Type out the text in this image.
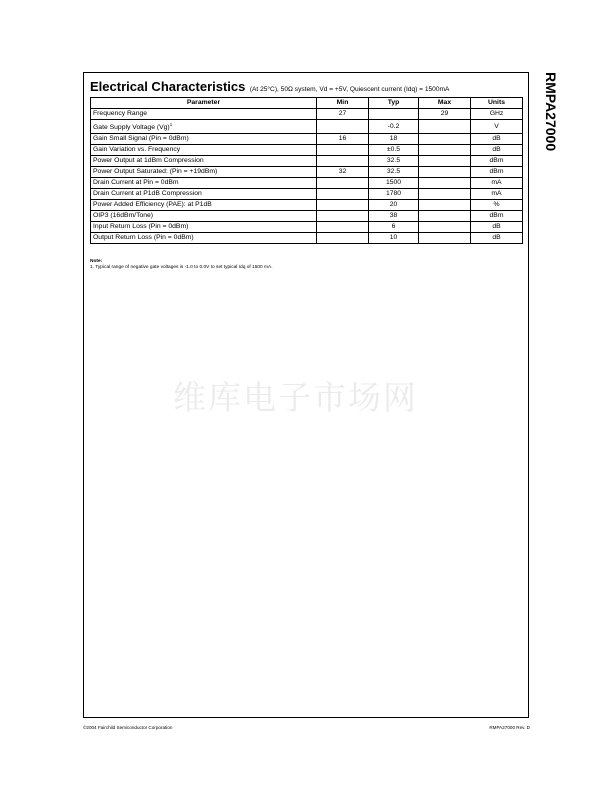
RMPA27000
Electrical Characteristics (At 25°C), 50Ω system, Vd = +5V, Quiescent current (Idq) = 1500mA
Parameter	Min	Typ	Max	Units
Frequency Range	27		29	GHz
Gate Supply Voltage $(Vg)^1$		-0.2		V
Gain Small Signal (Pin = 0dBm)	16	18		dB
Gain Variation vs. Frequency		±0.5		dB
Power Output at 1dBm Compression		32.5		dBm
Power Output Saturated: (Pin = +19dBm)	32	32.5		dBm
Drain Current at Pin = 0dBm		1500		mA
Drain Current at P1dB Compression		1780		mA
Power Added Efficiency (PAE): at P1dB		20		%
OIP3 (16dBm/Tone)		38		dBm
Input Return Loss (Pin = 0dBm)		6		dB
Output Return Loss (Pin = 0dBm)		10		dB
Note:
1. Typical range of negative gate voltages is -1.0 to 0.0V to set typical Idq of 1500 mA.
维库电子市场网
©2004 Fairchild Semiconductor Corporation	RMPA27000 Rev. D
